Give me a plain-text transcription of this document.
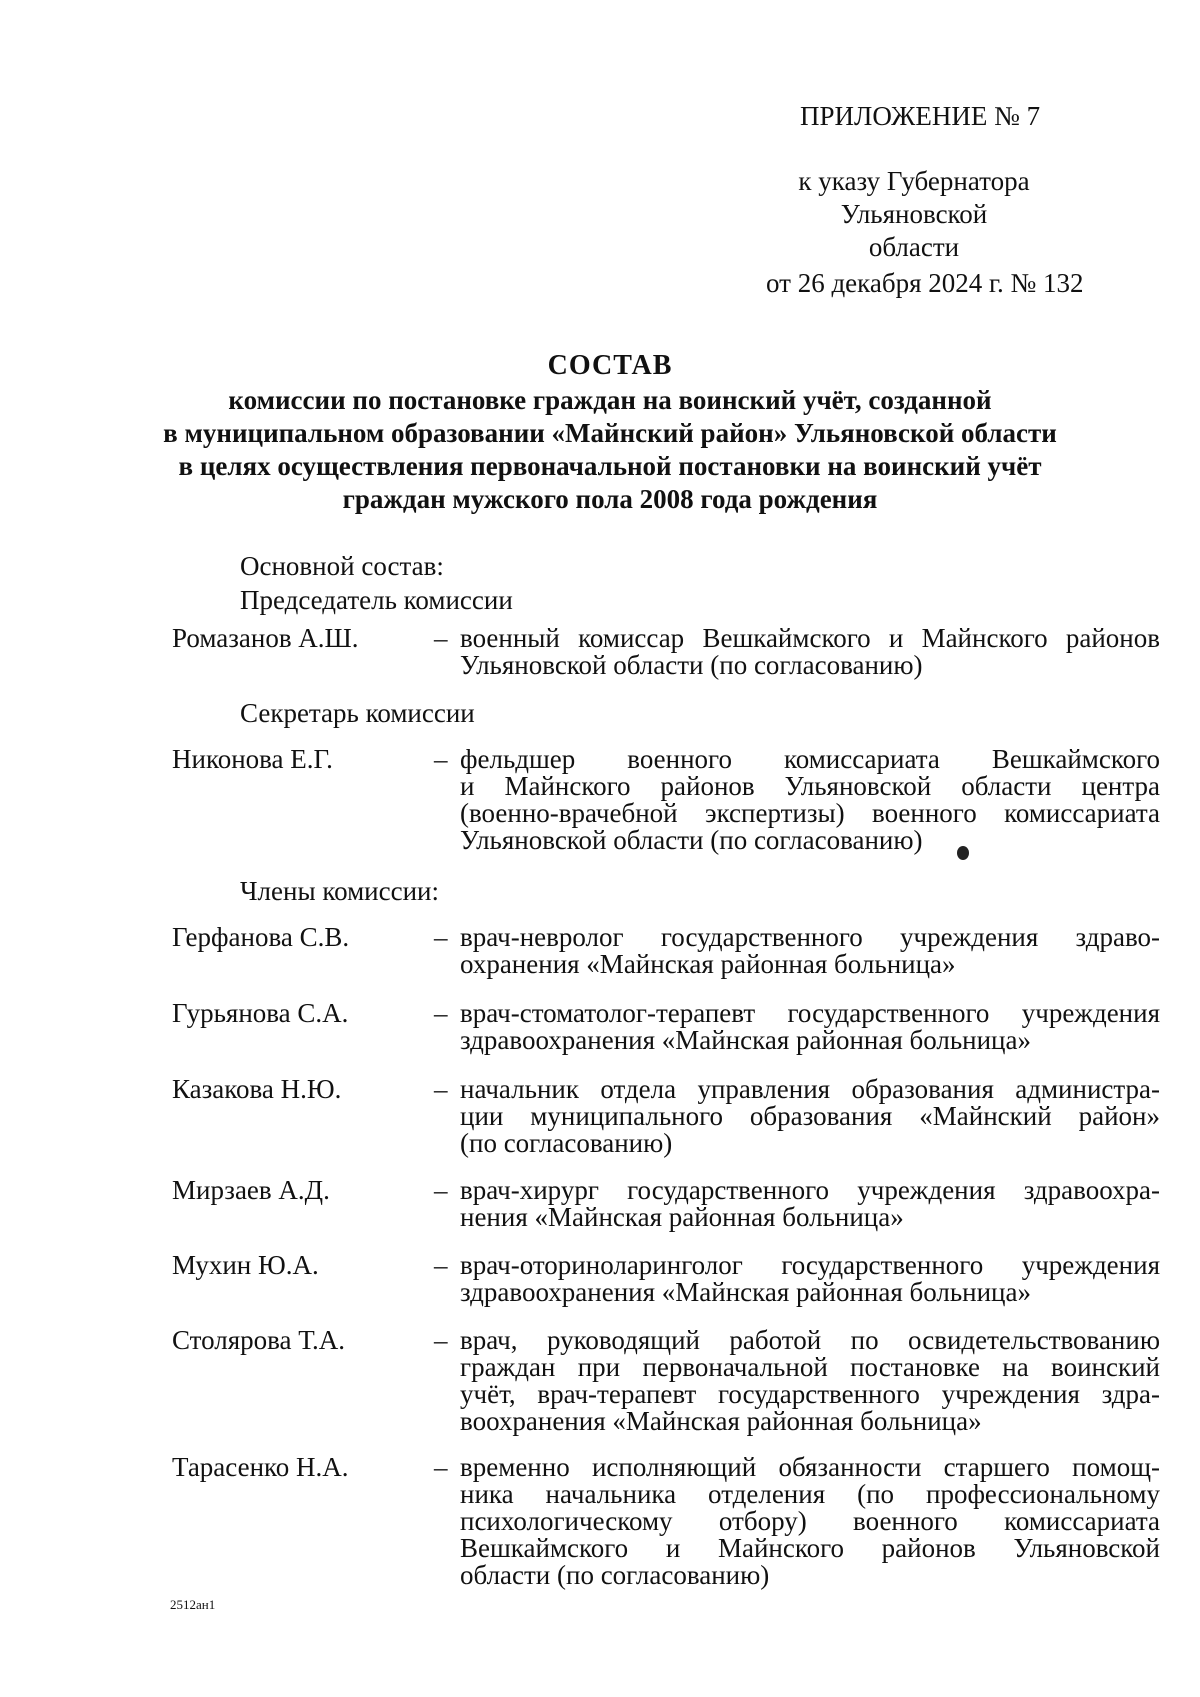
ПРИЛОЖЕНИЕ № 7
к указу Губернатора
Ульяновской области
от 26 декабря 2024 г. № 132
СОСТАВ
комиссии по постановке граждан на воинский учёт, созданной
в муниципальном образовании «Майнский район» Ульяновской области
в целях осуществления первоначальной постановки на воинский учёт
граждан мужского пола 2008 года рождения
Основной состав:
Председатель комиссии
Ромазанов А.Ш.	– военный комиссар Вешкаймского и Майнского районов
Ульяновской области (по согласованию)
Секретарь комиссии
Никонова Е.Г.	– фельдшер военного комиссариата Вешкаймского
и Майнского районов Ульяновской области центра
(военно-врачебной экспертизы) военного комиссариата
Ульяновской области (по согласованию)
Члены комиссии:
Герфанова С.В.	– врач-невролог государственного учреждения здраво-
охранения «Майнская районная больница»
Гурьянова С.А.	– врач-стоматолог-терапевт государственного учреждения
здравоохранения «Майнская районная больница»
Казакова Н.Ю.	– начальник отдела управления образования администра-
ции муниципального образования «Майнский район»
(по согласованию)
Мирзаев А.Д.	– врач-хирург государственного учреждения здравоохра-
нения «Майнская районная больница»
Мухин Ю.А.	– врач-оториноларинголог государственного учреждения
здравоохранения «Майнская районная больница»
Столярова Т.А.	– врач, руководящий работой по освидетельствованию
граждан при первоначальной постановке на воинский
учёт, врач-терапевт государственного учреждения здра-
воохранения «Майнская районная больница»
Тарасенко Н.А.	– временно исполняющий обязанности старшего помощ-
ника начальника отделения (по профессиональному
психологическому отбору) военного комиссариата
Вешкаймского и Майнского районов Ульяновской
области (по согласованию)
2512ан1
